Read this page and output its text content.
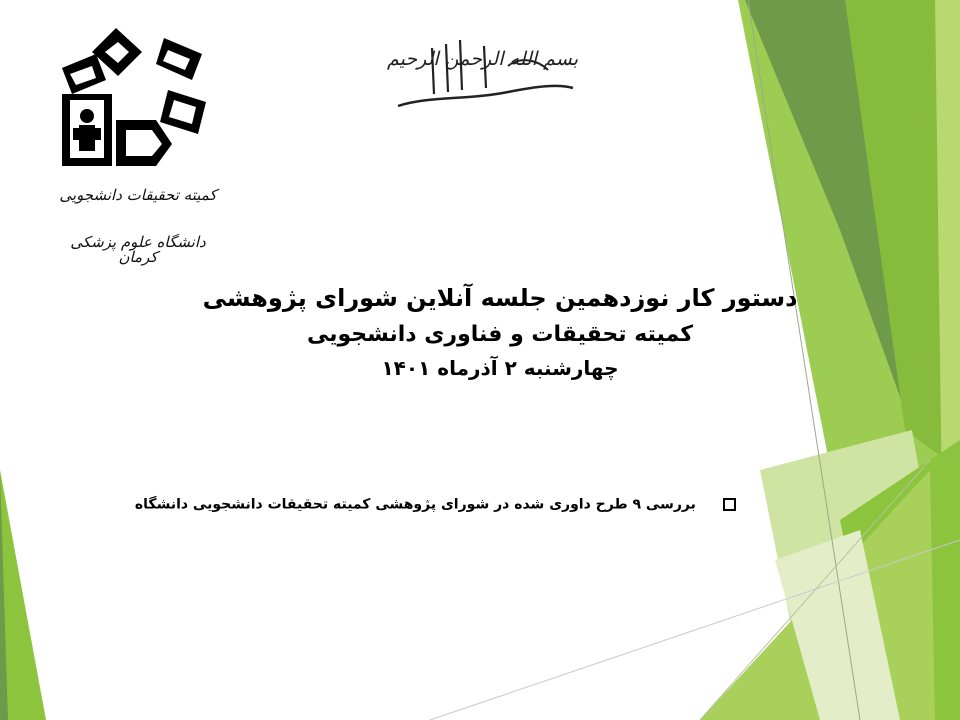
کمیته تحقیقات دانشجویی
دانشگاه علوم پزشکی کرمان
بسم الله الرحمن الرحیم
دستور کار نوزدهمین جلسه آنلاین شورای پژوهشی
کمیته تحقیقات و فناوری دانشجویی
چهارشنبه ۲ آذرماه ۱۴۰۱
بررسی ۹ طرح داوری شده در شورای پژوهشی کمیته تحقیقات دانشجویی دانشگاه
